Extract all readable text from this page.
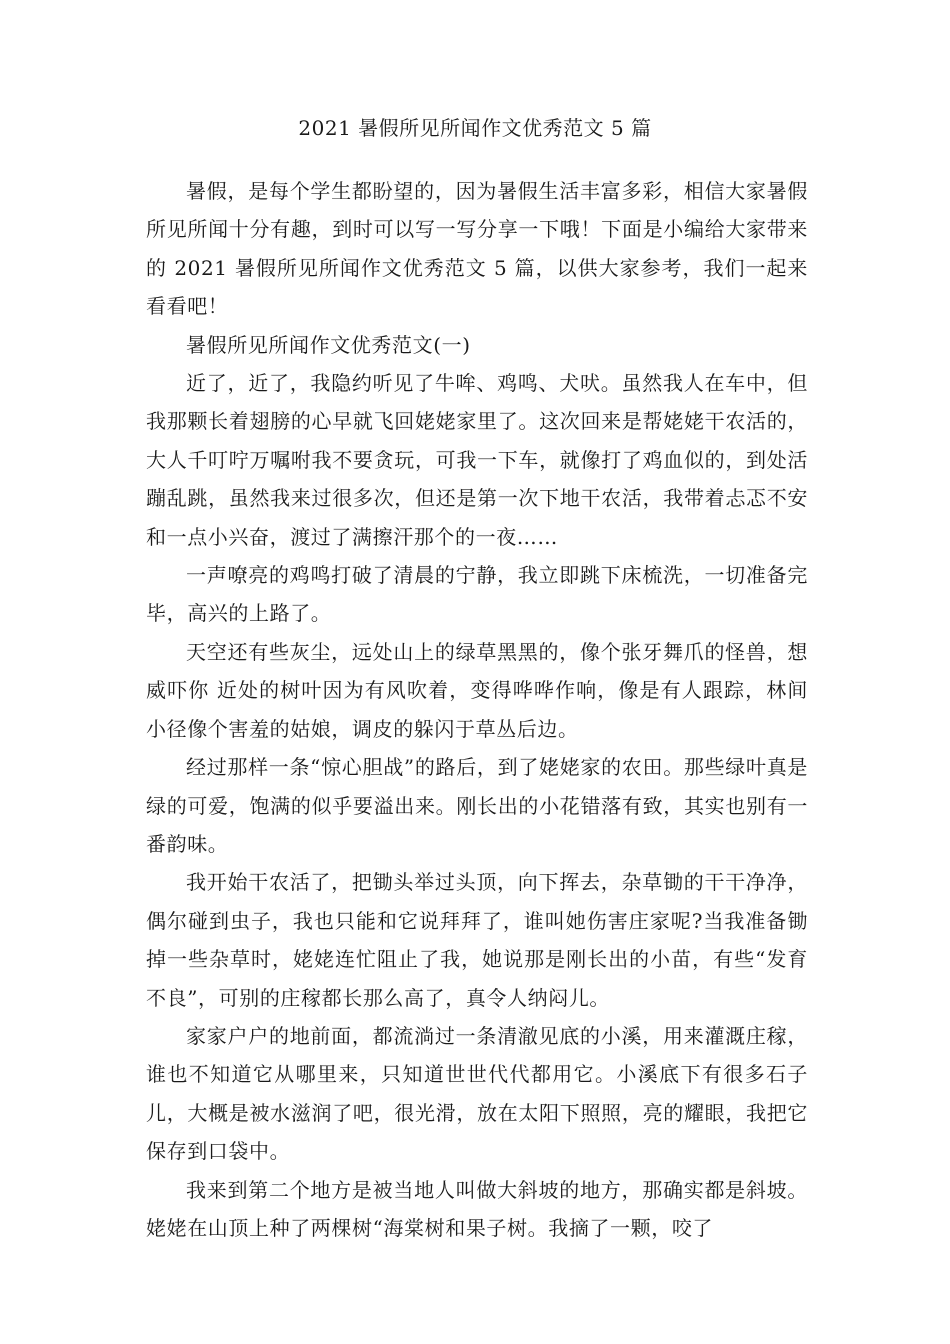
2021 暑假所见所闻作文优秀范文 5 篇

暑假，是每个学生都盼望的，因为暑假生活丰富多彩，相信大家暑假所见所闻十分有趣，到时可以写一写分享一下哦！下面是小编给大家带来的 2021 暑假所见所闻作文优秀范文 5 篇，以供大家参考，我们一起来看看吧！

暑假所见所闻作文优秀范文(一)

近了，近了，我隐约听见了牛哞、鸡鸣、犬吠。虽然我人在车中，但我那颗长着翅膀的心早就飞回姥姥家里了。这次回来是帮姥姥干农活的，大人千叮咛万嘱咐我不要贪玩，可我一下车，就像打了鸡血似的，到处活蹦乱跳，虽然我来过很多次，但还是第一次下地干农活，我带着忐忑不安和一点小兴奋，渡过了满擦汗那个的一夜……

一声嘹亮的鸡鸣打破了清晨的宁静，我立即跳下床梳洗，一切准备完毕，高兴的上路了。

天空还有些灰尘，远处山上的绿草黑黑的，像个张牙舞爪的怪兽，想威吓你 近处的树叶因为有风吹着，变得哗哗作响，像是有人跟踪，林间小径像个害羞的姑娘，调皮的躲闪于草丛后边。

经过那样一条“惊心胆战”的路后，到了姥姥家的农田。那些绿叶真是绿的可爱，饱满的似乎要溢出来。刚长出的小花错落有致，其实也别有一番韵味。

我开始干农活了，把锄头举过头顶，向下挥去，杂草锄的干干净净，偶尔碰到虫子，我也只能和它说拜拜了，谁叫她伤害庄家呢?当我准备锄掉一些杂草时，姥姥连忙阻止了我，她说那是刚长出的小苗，有些“发育不良”，可别的庄稼都长那么高了，真令人纳闷儿。

家家户户的地前面，都流淌过一条清澈见底的小溪，用来灌溉庄稼，谁也不知道它从哪里来，只知道世世代代都用它。小溪底下有很多石子儿，大概是被水滋润了吧，很光滑，放在太阳下照照，亮的耀眼，我把它保存到口袋中。

我来到第二个地方是被当地人叫做大斜坡的地方，那确实都是斜坡。姥姥在山顶上种了两棵树“海棠树和果子树。我摘了一颗，咬了
